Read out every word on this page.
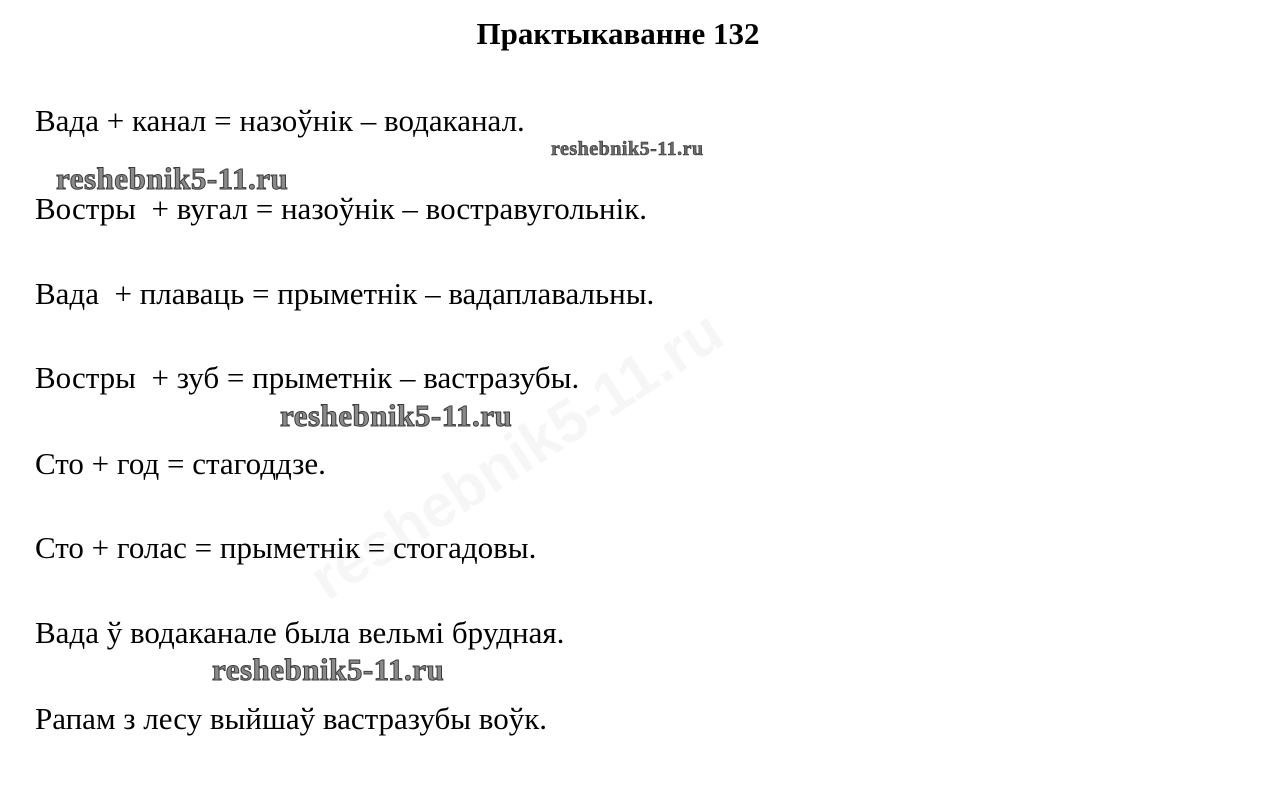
Практыкаванне 132
Вада + канал = назоўнік – водаканал.
Востры  + вугал = назоўнік – востравугольнік.
Вада  + плаваць = прыметнік – вадаплавальны.
Востры  + зуб = прыметнік – вастразубы.
Сто + год = стагоддзе.
Сто + голас = прыметнік = стогадовы.
Вада ў водаканале была вельмі брудная.
Рапам з лесу выйшаў вастразубы воўк.
reshebnik5-11.ru
reshebnik5-11.ru
reshebnik5-11.ru
reshebnik5-11.ru
